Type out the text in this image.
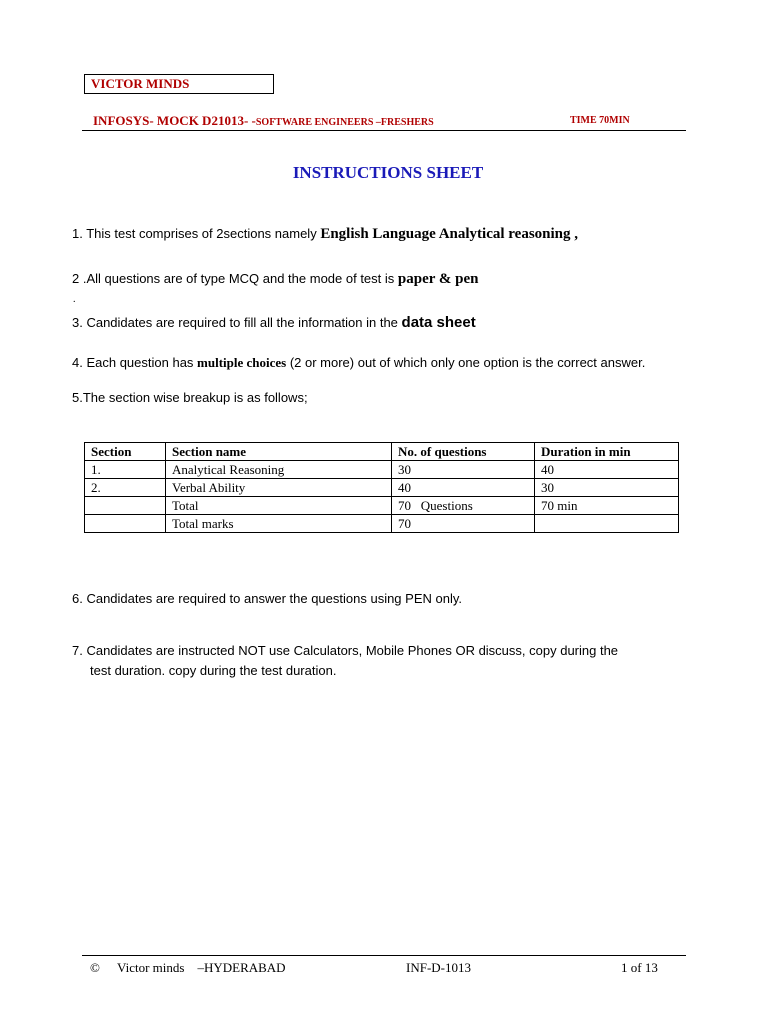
VICTOR MINDS
INFOSYS- MOCK D21013- -SOFTWARE ENGINEERS –FRESHERS	TIME 70MIN
INSTRUCTIONS SHEET
1. This test comprises of 2sections namely English Language Analytical reasoning ,
2 .All questions are of type MCQ and the mode of test is paper & pen
.
3. Candidates are required to fill all the information in the data sheet
4. Each question has multiple choices (2 or more) out of which only one option is the correct answer.
5.The section wise breakup is as follows;
Section	Section name	No. of questions	Duration in min
1.	Analytical Reasoning	30	40
2.	Verbal Ability	40	30
	Total	70   Questions	70 min
	Total marks	70	
6. Candidates are required to answer the questions using PEN only.
7. Candidates are instructed NOT use Calculators, Mobile Phones OR discuss, copy during the
test duration. copy during the test duration.
© Victor minds    –HYDERABAD	INF-D-1013	1 of 13
